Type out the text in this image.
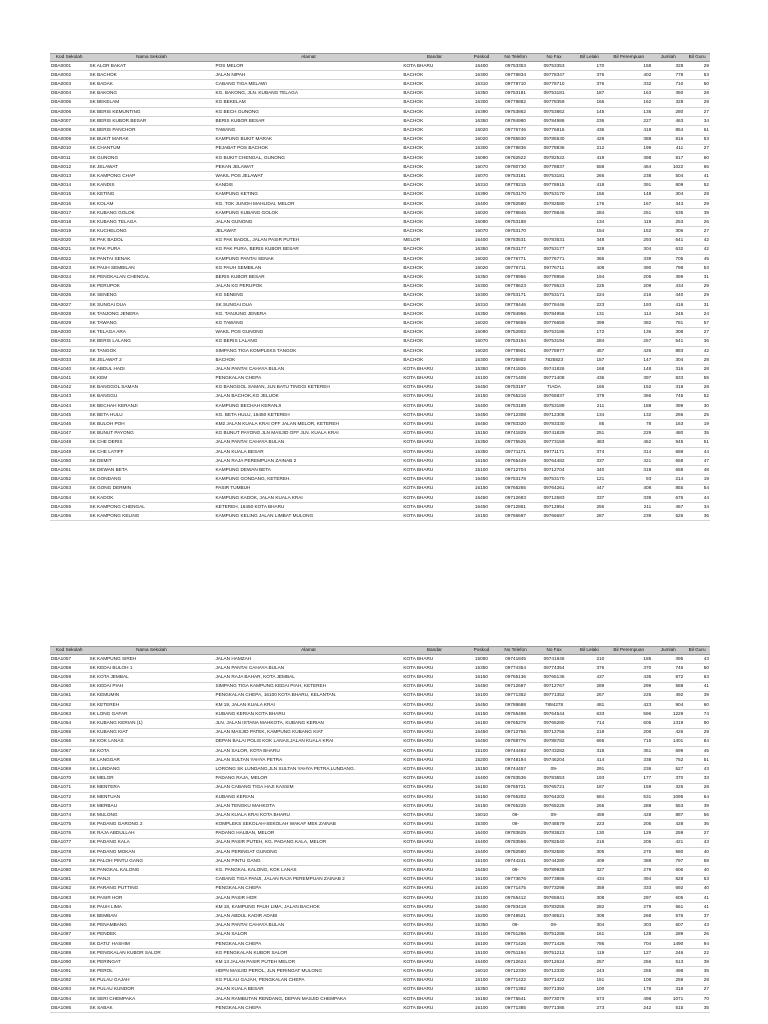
Kod Sekolah	Nama Sekolah	Alamat	Bandar	Poskod	No Telefon	No Fax	Bil Lelaki	Bil Perempuan	Jumlah	Bil Guru
DBA0001	SK ALOR BAKAT	POS MELOR	KOTA BHARU	16400	09753353	09753353	170	158	328	29
DBA0002	SK BACHOK	JALAN NIPAH	BACHOK	16300	09778834	09778347	376	402	778	53
DBA0003	SK BADAK	CABANG TIGA MELAWI	BACHOK	16310	09778710	09778710	376	332	710	50
DBA0004	SK BAKONG	KG. BAKONG, JLN. KUBANG TELAGA	BACHOK	16350	09753181	09753181	187	163	350	28
DBA0005	SK BEKELAM	KG BEKELAM	BACHOK	16300	09778882	09778359	166	162	328	28
DBA0006	SK BERIS KEMUNTING	KG BECH GUNONG	BACHOK	16390	09753862	09753862	145	135	280	27
DBA0007	SK BERIS KUBOR BESAR	BERIS KUBOR BESAR	BACHOK	16350	09784980	09784986	236	227	463	34
DBA0008	SK BERIS PANCHOR	TAWANG	BACHOK	16020	09776746	09776816	436	418	854	61
DBA0009	SK BUKIT MARAK	KAMPUNG BUKIT MARAK	BACHOK	16020	09785530	09785530	428	388	816	53
DBA0010	SK CHANTUM	PEJABAT POS BACHOK	BACHOK	16300	09778836	09778836	212	199	411	27
DBA0011	SK GUNONG	KG BUKIT CHENGAL, GUNONG	BACHOK	16090	09782522	09782522	419	398	817	60
DBA0012	SK JELAWAT	PEKAN JELAWAT	BACHOK	16070	09780730	09778837	558	464	1022	66
DBA0013	SK KAMPONG CHAP	WAKIL POS JELAWAT	BACHOK	16070	09753181	09753181	266	238	504	41
DBA0014	SK KANDIS	KANDIS	BACHOK	16310	09778215	09778915	418	391	809	52
DBA0015	SK KETING	KAMPUNG KETING	BACHOK	16390	09753170	09753170	156	148	304	28
DBA0016	SK KOLAM	KG. TOK JUNOH MAHLIDAI, MELOR	BACHOK	16400	09782580	09782580	176	167	343	29
DBA0017	SK KUBANG GOLOK	KAMPUNG KUBANG GOLOK	BACHOK	16020	09778846	09778846	284	251	535	39
DBA0018	SK KUBANG TELAGA	JALAN GUNONG	BACHOK	16080	09753188		134	119	253	26
DBA0019	SK KUCHELONG	JELAWAT	BACHOK	16070	09753170		154	152	306	27
DBA0020	SK PAK BADOL	KG PAK BADOL, JALAN PASIR PUTEH	MELOR	16400	09783531	09783531	348	293	641	42
DBA0021	SK PAK PURA	KG PAK PURA, BERIS KUBOR BESAR	BACHOK	16350	09753177	09753177	328	304	632	42
DBA0022	SK PANTAI SENAK	KAMPUNG PANTAI SENAK	BACHOK	16020	09776771	09776771	366	339	705	45
DBA0023	SK PAUH SEMBILAN	KG PAUH SEMBILAN	BACHOK	16020	09776711	09776711	408	390	798	53
DBA0024	SK PENGKALAN CHENGAL	BERIS KUBOR BESAR	BACHOK	16350	09778956	09778956	194	205	399	31
DBA0025	SK PERUPOK	JALAN KG PERUPOK	BACHOK	16300	09778623	09778623	225	209	434	29
DBA0026	SK SENENG	KG SENENG	BACHOK	16300	09753171	09753171	224	216	440	29
DBA0027	SK SUNGAI DUA	SK SUNGAI DUA	BACHOK	16310	09778446	09778446	223	193	416	31
DBA0028	SK TANJONG JENERA	KG. TANJUNG JENERA	BACHOK	16350	09784956	09784956	131	114	245	24
DBA0029	SK TAWANG	KG TAWANG	BACHOK	16020	09776659	09776659	399	382	781	57
DBA0030	SK TELAGA ARA	WAKIL POS GUNONG	BACHOK	16090	09752902	09753186	172	136	308	27
DBA0031	SK BERIS LALANG	KG BERIS LALANG	BACHOK	16070	09753194	09753194	284	257	541	36
DBA0032	SK TANGOK	SIMPANG TIGA KOMPLEKS TANGOK	BACHOK	16020	09778901	09778977	457	426	883	42
DBA0033	SK JELAWAT 2	BACHOK	BACHOK	16300	09725802	7825823	157	147	304	28
DBA1040	SK ABDUL HADI	JALAN PANTAI CAHAYA BULAN	KOTA BHARU	15350	09741826	09741826	168	148	316	28
DBA1041	SK KEM	PENGKALAN CHEPA	KOTA BHARU	16100	09771408	09771408	436	397	833	55
DBA1042	SK BANGGOL SAMAN	KG BANGGOL SAMAN, JLN BATU TINGGI KETEREH	KOTA BHARU	16450	09753197	TIADA	166	152	318	28
DBA1043	SK BANGGU	JALAN BACHOK,KG JELUOK	KOTA BHARU	16150	09765216	09765837	379	366	745	52
DBA1044	SK BECHAH KERANJI	KAMPUNG BECHAH KERANJI	KOTA BHARU	16400	09753189	09753189	211	188	399	30
DBA1045	SK BETA HULU	KG. BETA HULU, 16450 KETEREH	KOTA BHARU	16450	09712308	09712308	134	132	266	25
DBA1046	SK BULOH POH	KM2 JALAN KUALA KRAI OFF JALAN MELOR, KETEREH	KOTA BHARU	16450	09783320	09783330	85	78	163	19
DBA1047	SK BUNUT PAYONG	KG BUNUT PAYONG JLN MASJID OFF JLN. KUALA KRAI	KOTA BHARU	15150	09741829	09741829	251	229	480	35
DBA1048	SK CHE DERIS	JALAN PANTAI CAHAYA BULAN	KOTA BHARU	15350	09775525	09773159	483	462	945	51
DBA1049	SK CHE LATIFF	JALAN KUALA BESAR	KOTA BHARU	15350	09771171	09771171	374	314	688	44
DBA1050	SK DEMIT	JALAN RAJA PEREMPUAN ZAINAB 2	KOTA BHARU	16150	09765449	09764482	337	321	658	47
DBA1051	SK DEWAN BETA	KAMPUNG DEWAN BETA	KOTA BHARU	15100	09712704	09712704	340	318	658	48
DBA1052	SK GONDANG	KAMPUNG GONDANG, KETEREH.	KOTA BHARU	16450	09753178	09753170	121	93	214	19
DBA1053	SK GONG DERMIN	PASIR TUMBUH	KOTA BHARU	16150	09765265	09764261	447	408	855	54
DBA1054	SK KADOK	KAMPUNG KADOK, JALAN KUALA KRAI	KOTA BHARU	16450	09712683	09712683	337	339	676	44
DBA1055	SK KAMPONG CHENGAL	KETEREH, 16450 KOTA BHARU	KOTA BHARU	16450	09712861	09712854	256	211	467	34
DBA1056	SK KAMPONG KELING	KAMPUNG KELING JALAN LIMBAT MULONG	KOTA BHARU	16150	09766697	09766697	287	239	526	36
Kod Sekolah	Nama Sekolah	Alamat	Bandar	Poskod	No Telefon	No Fax	Bil Lelaki	Bil Perempuan	Jumlah	Bil Guru
DBA1057	SK KAMPUNG SIREH	JALAN HAMZAH	KOTA BHARU	15050	09741845	09741845	210	185	395	43
DBA1058	SK KEDAI BULOH 1	JALAN PANTAI CAHAYA BULAN	KOTA BHARU	15350	09774354	09774354	376	370	746	50
DBA1059	SK KOTA JEMBAL	JALAN RAJA BAHAR, KOTA JEMBAL	KOTA BHARU	16150	09765136	09765136	437	435	872	63
DBA1060	SK KEDAI PIAH	SIMPANG TIGA KAMPUNG KEDAI PIAH, KETEREH	KOTA BHARU	16450	09712687	09712767	289	299	588	41
DBA1061	SK KEMUMIN	PENGKALAN CHEPA, 16100 KOTA BHARU, KELANTAN.	KOTA BHARU	16100	09771352	09771352	267	225	492	39
DBA1062	SK KETEREH	KM 19, JALAN KUALA KRAI	KOTA BHARU	16450	09788688	7884278	481	423	904	60
DBA1063	SK LONG GAFAR	KUBANG KERIAN KOTA BHARU	KOTA BHARU	16150	09765498	09764544	633	596	1229	74
DBA1064	SK KUBANG KERIAN (1)	JLN. JALAN ISTANA MAHKOTA, KUBANG KERIAN	KOTA BHARU	16150	09765279	09765280	714	605	1319	90
DBA1065	SK KUBANG KIAT	JALAN MASJID PATEK, KAMPUNG KUBANG KIAT	KOTA BHARU	16450	09712756	09712756	218	208	426	29
DBA1066	SK KOK LANAS	DEPAN BALAI POLIS KOK LANAS,JALAN KUALA KRAI	KOTA BHARU	16450	09788776	09788782	665	715	1401	84
DBA1067	SK KOTA	JALAN SALOR, KOTA BHARU	KOTA BHARU	15100	09744492	09743282	318	361	699	45
DBA1068	SK LANGGAR	JALAN SULTAN YAHYA PETRA	KOTA BHARU	15200	09748194	09746204	414	338	752	51
DBA1069	SK LUNDANG	LORONG SK LUNDANG,JLN SULTAN YAHYA PETRA,LUNDANG.	KOTA BHARU	15150	09744457	09-	291	236	527	43
DBA1070	SK MELOR	PADANG RAJA, MELOR	KOTA BHARU	16400	09783536	09783553	193	177	370	33
DBA1071	SK MENTERA	JALAN CABANG TIGA HAJI KASSIM	KOTA BHARU	16150	09765721	09765721	187	159	326	28
DBA1072	SK MENTUAN	KUBANG KERIAN	KOTA BHARU	16150	09765202	09764202	584	531	1095	64
DBA1073	SK MERBAU	JALAN TENGKU MAHKOTA	KOTA BHARU	16150	09765225	09765225	265	288	553	39
DBA1074	SK MULONG	JALAN KUALA KRAI KOTA BHARU	KOTA BHARU	16010	09-	09-	459	428	887	56
DBA1075	SK PADANG GARONG 2	KOMPLEKS SEKOLAH-SEKOLAH WAKAF MEK ZAINAB	KOTA BHARU	15300	09-	09748579	223	205	428	36
DBA1076	SK RAJA ABDULLAH	PADANG HALBAN, MELOR	KOTA BHARU	16400	09783625	09783623	130	129	259	27
DBA1077	SK PADANG KALA	JALAN PASIR PUTEH, KG. PADANG KALA, MELOR	KOTA BHARU	16400	09783556	09782540	216	205	421	43
DBA1078	SK PADANG MOKAN	JALAN PERINGAT GUNONG	KOTA BHARU	16400	09782580	09782580	305	275	580	40
DBA1079	SK PALOH PINTU GANG	JALAN PINTU GANG	KOTA BHARU	15100	09744241	09744280	409	388	797	58
DBA1080	SK PANGKAL KALONG	KG. PANGKAL KALONG, KOK LANAS	KOTA BHARU	16450	09-	09789928	327	279	606	40
DBA1081	SK PANJI	CABANG TIGA PANJI, JALAN RAJA PEREMPUAN ZAINAB 2	KOTA BHARU	16100	09773676	09773886	434	394	828	53
DBA1082	SK PARANG PUTTING	PENGKALAN CHEPA	KOTA BHARU	16100	09771475	09773298	359	333	692	40
DBA1083	SK PASIR HOR	JALAN PASIR HOR	KOTA BHARU	15100	09765412	09765841	308	297	605	41
DBA1084	SK PAUH LIMA	KM 18, KAMPUNG PAUH LIMA, JALAN BACHOK	KOTA BHARU	16400	09783418	09783255	282	279	561	41
DBA1085	SK BEMBAN	JALAN ABDUL KADIR ADABI	KOTA BHARU	15200	09748521	09748521	308	268	576	37
DBA1086	SK PENAMBANG	JALAN PANTAI CAHAYA BULAN	KOTA BHARU	15350	09-	09-	304	303	607	43
DBA1087	SK PENDEK	JALAN SALOR	KOTA BHARU	15100	09751286	09751286	161	128	289	26
DBA1088	SK DATU' HASHIM	PENGKALAN CHEPA	KOTA BHARU	16100	09771426	09771426	786	704	1490	94
DBA1089	SK PENGKALAN KUBOR SALOR	KG PENGKALAN KUBOR SALOR	KOTA BHARU	15100	09751194	09751212	119	127	246	22
DBA1090	SK PERINGAT	KM 13 JALAN PASIR PUTEH MELOR	KOTA BHARU	16400	09712624	09712624	257	256	513	39
DBA1091	SK PEROL	HDPN MASJID PEROL, JLN PERINGAT MULONG	KOTA BHARU	16010	09712330	09712330	243	255	498	35
DBA1092	SK PULAU GAJAH	KG PULAU GAJAH, PENGKALAN CHEPA	KOTA BHARU	16100	09771422	09771422	151	108	259	28
DBA1093	SK PULAU KUNDOR	JALAN KUALA BESAR	KOTA BHARU	15350	09771392	09771392	100	178	318	27
DBA1094	SK SERI CHEMPAKA	JALAN RAMBUTAN RENDANG, DEPAN MASJID CHEMPAKA	KOTA BHARU	16150	09775541	09773079	573	498	1071	70
DBA1095	SK SABAK	PENGKALAN CHEPA	KOTA BHARU	16100	09771385	09771385	273	242	515	35
